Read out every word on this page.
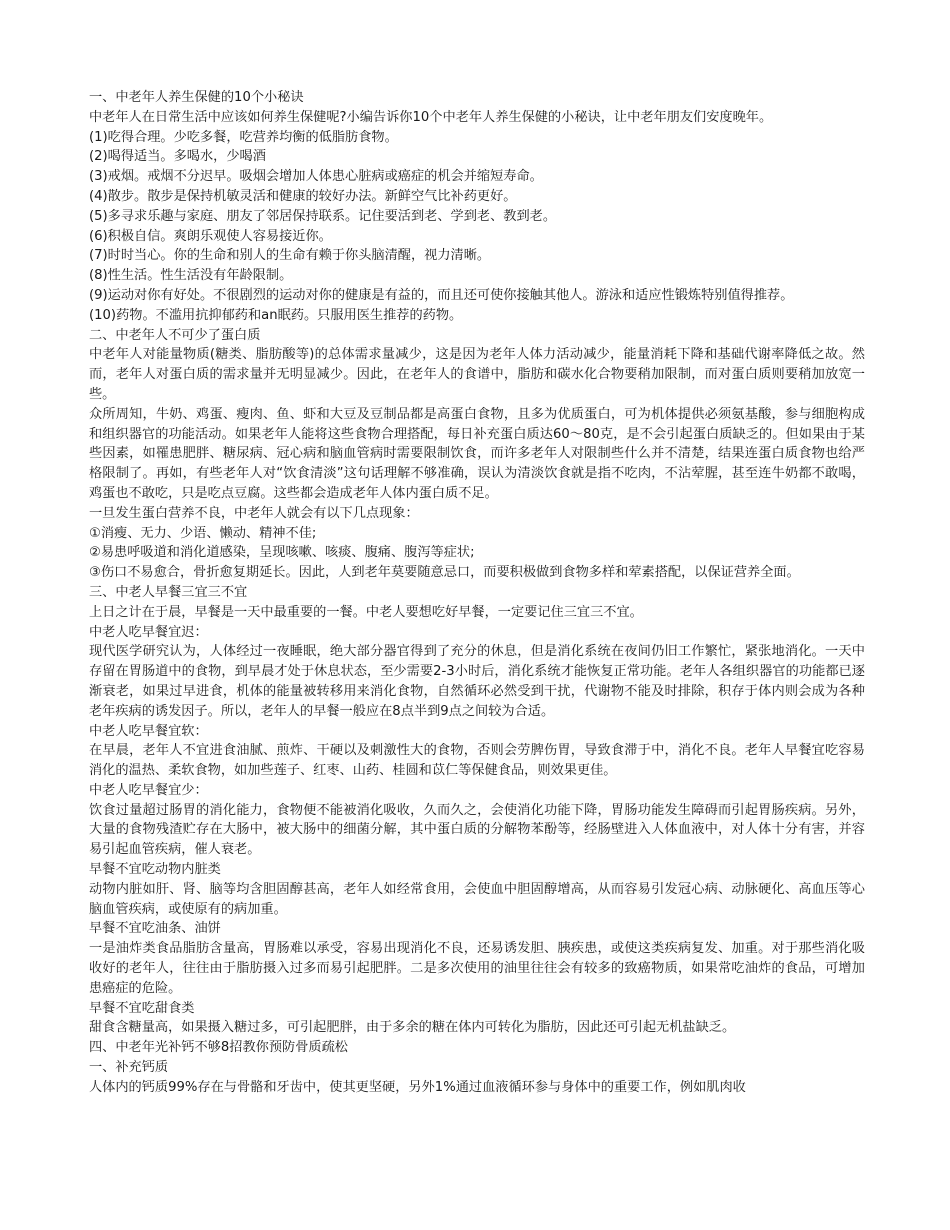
一、中老年人养生保健的10个小秘诀

中老年人在日常生活中应该如何养生保健呢?小编告诉你10个中老年人养生保健的小秘诀，让中老年朋友们安度晚年。

(1)吃得合理。少吃多餐，吃营养均衡的低脂肪食物。

(2)喝得适当。多喝水，少喝酒

(3)戒烟。戒烟不分迟早。吸烟会增加人体患心脏病或癌症的机会并缩短寿命。

(4)散步。散步是保持机敏灵活和健康的较好办法。新鲜空气比补药更好。

(5)多寻求乐趣与家庭、朋友了邻居保持联系。记住要活到老、学到老、教到老。

(6)积极自信。爽朗乐观使人容易接近你。

(7)时时当心。你的生命和别人的生命有赖于你头脑清醒，视力清晰。

(8)性生活。性生活没有年龄限制。

(9)运动对你有好处。不很剧烈的运动对你的健康是有益的，而且还可使你接触其他人。游泳和适应性锻炼特别值得推荐。

(10)药物。不滥用抗抑郁药和an眠药。只服用医生推荐的药物。

二、中老年人不可少了蛋白质

中老年人对能量物质(糖类、脂肪酸等)的总体需求量减少，这是因为老年人体力活动减少，能量消耗下降和基础代谢率降低之故。然而，老年人对蛋白质的需求量并无明显减少。因此，在老年人的食谱中，脂肪和碳水化合物要稍加限制，而对蛋白质则要稍加放宽一些。

众所周知，牛奶、鸡蛋、瘦肉、鱼、虾和大豆及豆制品都是高蛋白食物，且多为优质蛋白，可为机体提供必须氨基酸，参与细胞构成和组织器官的功能活动。如果老年人能将这些食物合理搭配，每日补充蛋白质达60～80克，是不会引起蛋白质缺乏的。但如果由于某些因素，如罹患肥胖、糖尿病、冠心病和脑血管病时需要限制饮食，而许多老年人对限制些什么并不清楚，结果连蛋白质食物也给严格限制了。再如，有些老年人对“饮食清淡”这句话理解不够准确，误认为清淡饮食就是指不吃肉，不沾荤腥，甚至连牛奶都不敢喝，鸡蛋也不敢吃，只是吃点豆腐。这些都会造成老年人体内蛋白质不足。

一旦发生蛋白营养不良，中老年人就会有以下几点现象：

①消瘦、无力、少语、懒动、精神不佳;

②易患呼吸道和消化道感染，呈现咳嗽、咳痰、腹痛、腹泻等症状;

③伤口不易愈合，骨折愈复期延长。因此，人到老年莫要随意忌口，而要积极做到食物多样和荤素搭配，以保证营养全面。

三、中老人早餐三宜三不宜

上日之计在于晨，早餐是一天中最重要的一餐。中老人要想吃好早餐，一定要记住三宜三不宜。

中老人吃早餐宜迟：

现代医学研究认为，人体经过一夜睡眠，绝大部分器官得到了充分的休息，但是消化系统在夜间仍旧工作繁忙，紧张地消化。一天中存留在胃肠道中的食物，到早晨才处于休息状态，至少需要2-3小时后，消化系统才能恢复正常功能。老年人各组织器官的功能都已逐渐衰老，如果过早进食，机体的能量被转移用来消化食物，自然循环必然受到干扰，代谢物不能及时排除，积存于体内则会成为各种老年疾病的诱发因子。所以，老年人的早餐一般应在8点半到9点之间较为合适。

中老人吃早餐宜软：

在早晨，老年人不宜进食油腻、煎炸、干硬以及刺激性大的食物，否则会劳脾伤胃，导致食滞于中，消化不良。老年人早餐宜吃容易消化的温热、柔软食物，如加些莲子、红枣、山药、桂圆和苡仁等保健食品，则效果更佳。

中老人吃早餐宜少：

饮食过量超过肠胃的消化能力，食物便不能被消化吸收，久而久之，会使消化功能下降，胃肠功能发生障碍而引起胃肠疾病。另外，大量的食物残渣贮存在大肠中，被大肠中的细菌分解，其中蛋白质的分解物苯酚等，经肠壁进入人体血液中，对人体十分有害，并容易引起血管疾病，催人衰老。

早餐不宜吃动物内脏类

动物内脏如肝、肾、脑等均含胆固醇甚高，老年人如经常食用，会使血中胆固醇增高，从而容易引发冠心病、动脉硬化、高血压等心脑血管疾病，或使原有的病加重。

早餐不宜吃油条、油饼

一是油炸类食品脂肪含量高，胃肠难以承受，容易出现消化不良，还易诱发胆、胰疾患，或使这类疾病复发、加重。对于那些消化吸收好的老年人，往往由于脂肪摄入过多而易引起肥胖。二是多次使用的油里往往会有较多的致癌物质，如果常吃油炸的食品，可增加患癌症的危险。

早餐不宜吃甜食类

甜食含糖量高，如果摄入糖过多，可引起肥胖，由于多余的糖在体内可转化为脂肪，因此还可引起无机盐缺乏。

四、中老年光补钙不够8招教你预防骨质疏松

一、补充钙质

人体内的钙质99%存在与骨骼和牙齿中，使其更坚硬，另外1%通过血液循环参与身体中的重要工作，例如肌肉收
